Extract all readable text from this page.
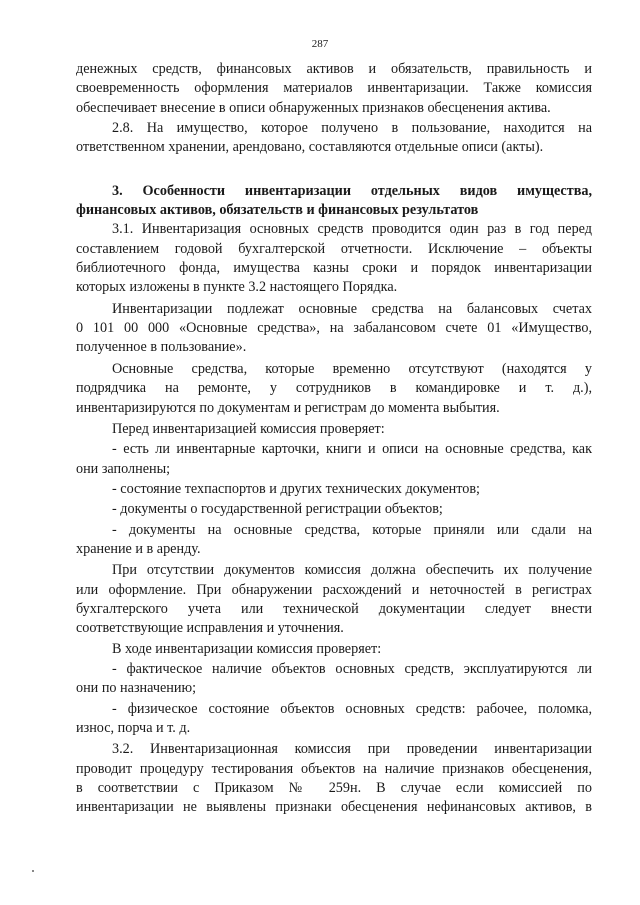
287
денежных средств, финансовых активов и обязательств, правильность и
своевременность оформления материалов инвентаризации. Также комиссия
обеспечивает внесение в описи обнаруженных признаков обесценения актива.
2.8. На имущество, которое получено в пользование, находится на
ответственном хранении, арендовано, составляются отдельные описи (акты).
3. Особенности инвентаризации отдельных видов имущества,
финансовых активов, обязательств и финансовых результатов
3.1. Инвентаризация основных средств проводится один раз в год перед
составлением годовой бухгалтерской отчетности. Исключение – объекты
библиотечного фонда, имущества казны сроки и порядок инвентаризации
которых изложены в пункте 3.2 настоящего Порядка.
Инвентаризации подлежат основные средства на балансовых счетах
0 101 00 000 «Основные средства», на забалансовом счете 01 «Имущество,
полученное в пользование».
Основные средства, которые временно отсутствуют (находятся у
подрядчика на ремонте, у сотрудников в командировке и т. д.),
инвентаризируются по документам и регистрам до момента выбытия.
Перед инвентаризацией комиссия проверяет:
- есть ли инвентарные карточки, книги и описи на основные средства, как
они заполнены;
- состояние техпаспортов и других технических документов;
- документы о государственной регистрации объектов;
- документы на основные средства, которые приняли или сдали на
хранение и в аренду.
При отсутствии документов комиссия должна обеспечить их получение
или оформление. При обнаружении расхождений и неточностей в регистрах
бухгалтерского учета или технической документации следует внести
соответствующие исправления и уточнения.
В ходе инвентаризации комиссия проверяет:
- фактическое наличие объектов основных средств, эксплуатируются ли
они по назначению;
- физическое состояние объектов основных средств: рабочее, поломка,
износ, порча и т. д.
3.2. Инвентаризационная комиссия при проведении инвентаризации
проводит процедуру тестирования объектов на наличие признаков обесценения,
в соответствии с Приказом № 259н. В случае если комиссией по
инвентаризации не выявлены признаки обесценения нефинансовых активов, в
